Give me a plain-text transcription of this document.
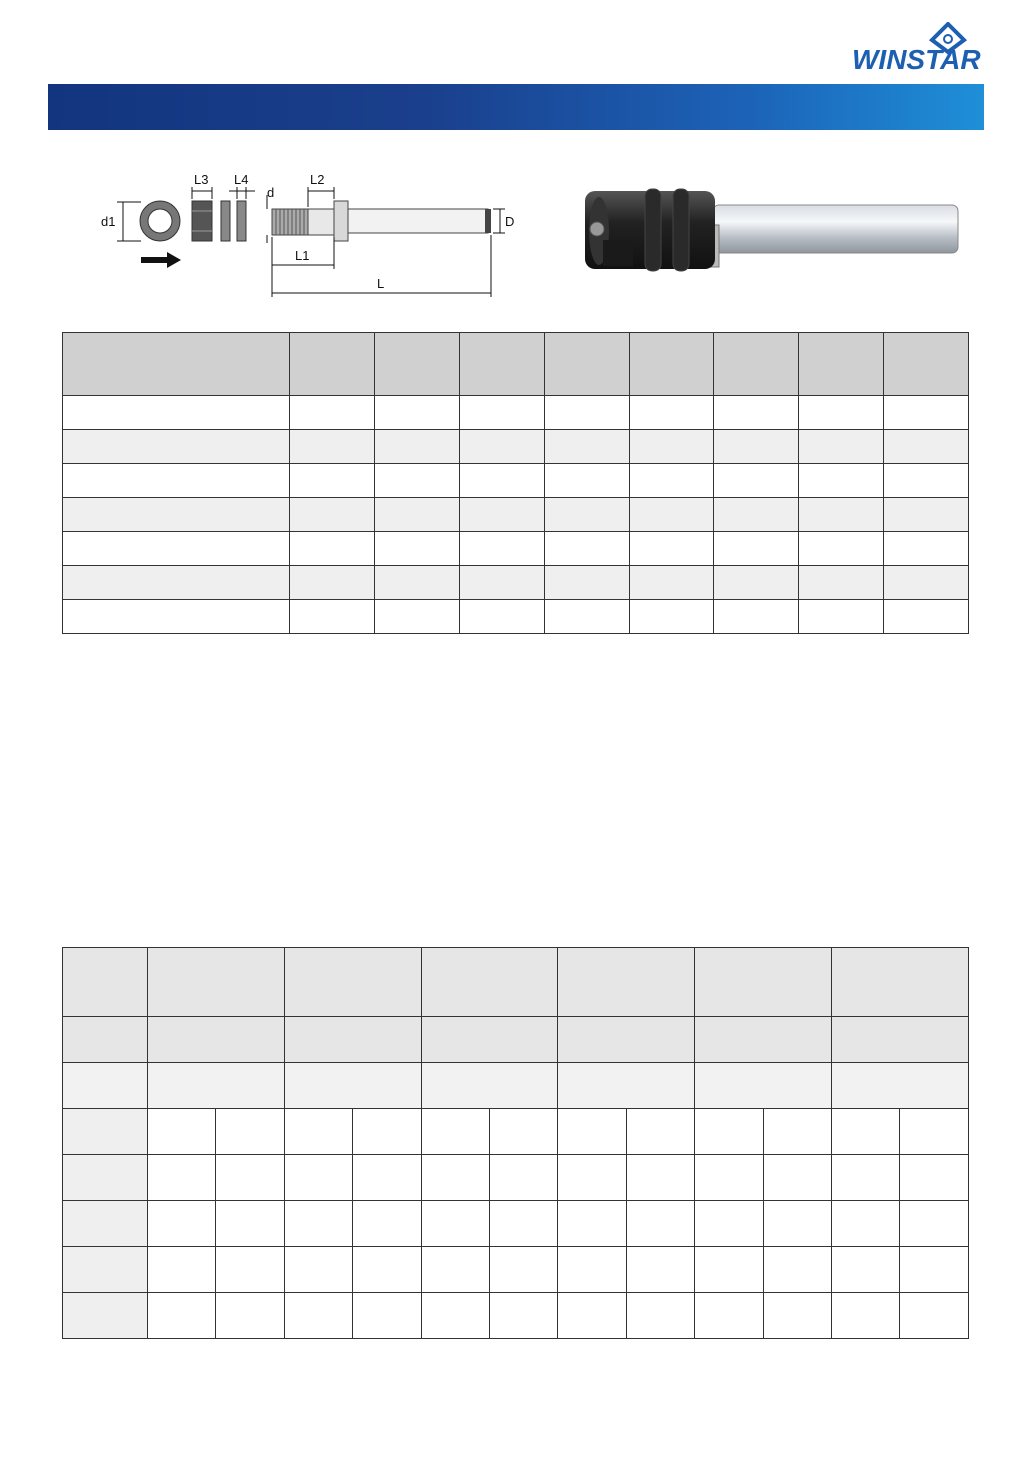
WINSTAR
d1
L3 L4
d
L2
D
L1
L
